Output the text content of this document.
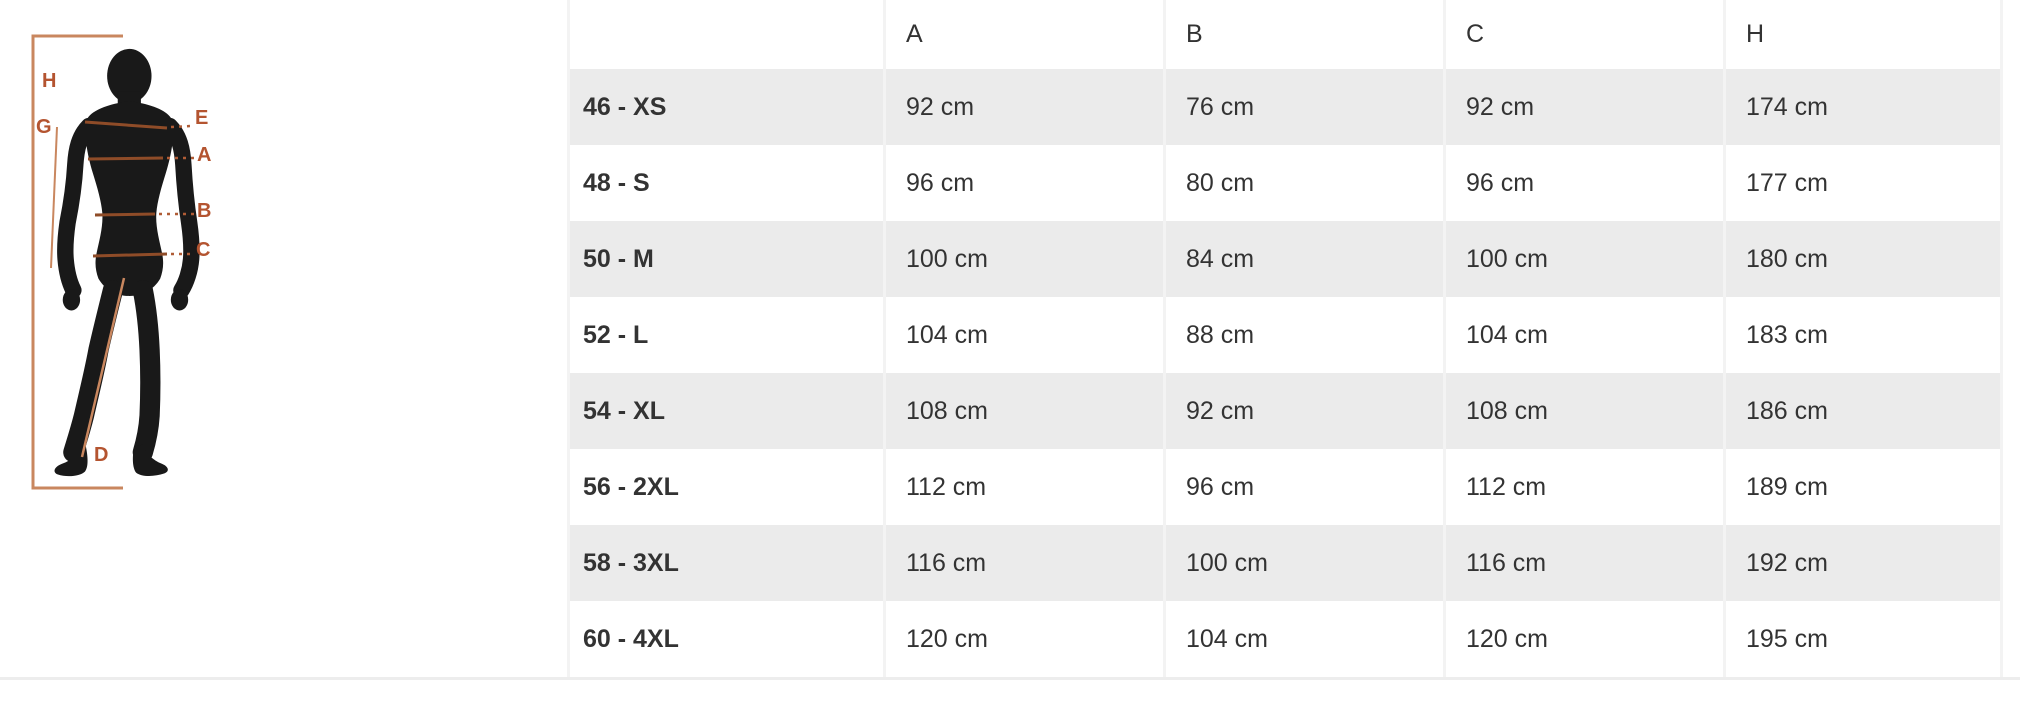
H
G	E
A
B
C
D
	A	B	C	H
46 - XS	92 cm	76 cm	92 cm	174 cm
48 - S	96 cm	80 cm	96 cm	177 cm
50 - M	100 cm	84 cm	100 cm	180 cm
52 - L	104 cm	88 cm	104 cm	183 cm
54 - XL	108 cm	92 cm	108 cm	186 cm
56 - 2XL	112 cm	96 cm	112 cm	189 cm
58 - 3XL	116 cm	100 cm	116 cm	192 cm
60 - 4XL	120 cm	104 cm	120 cm	195 cm
